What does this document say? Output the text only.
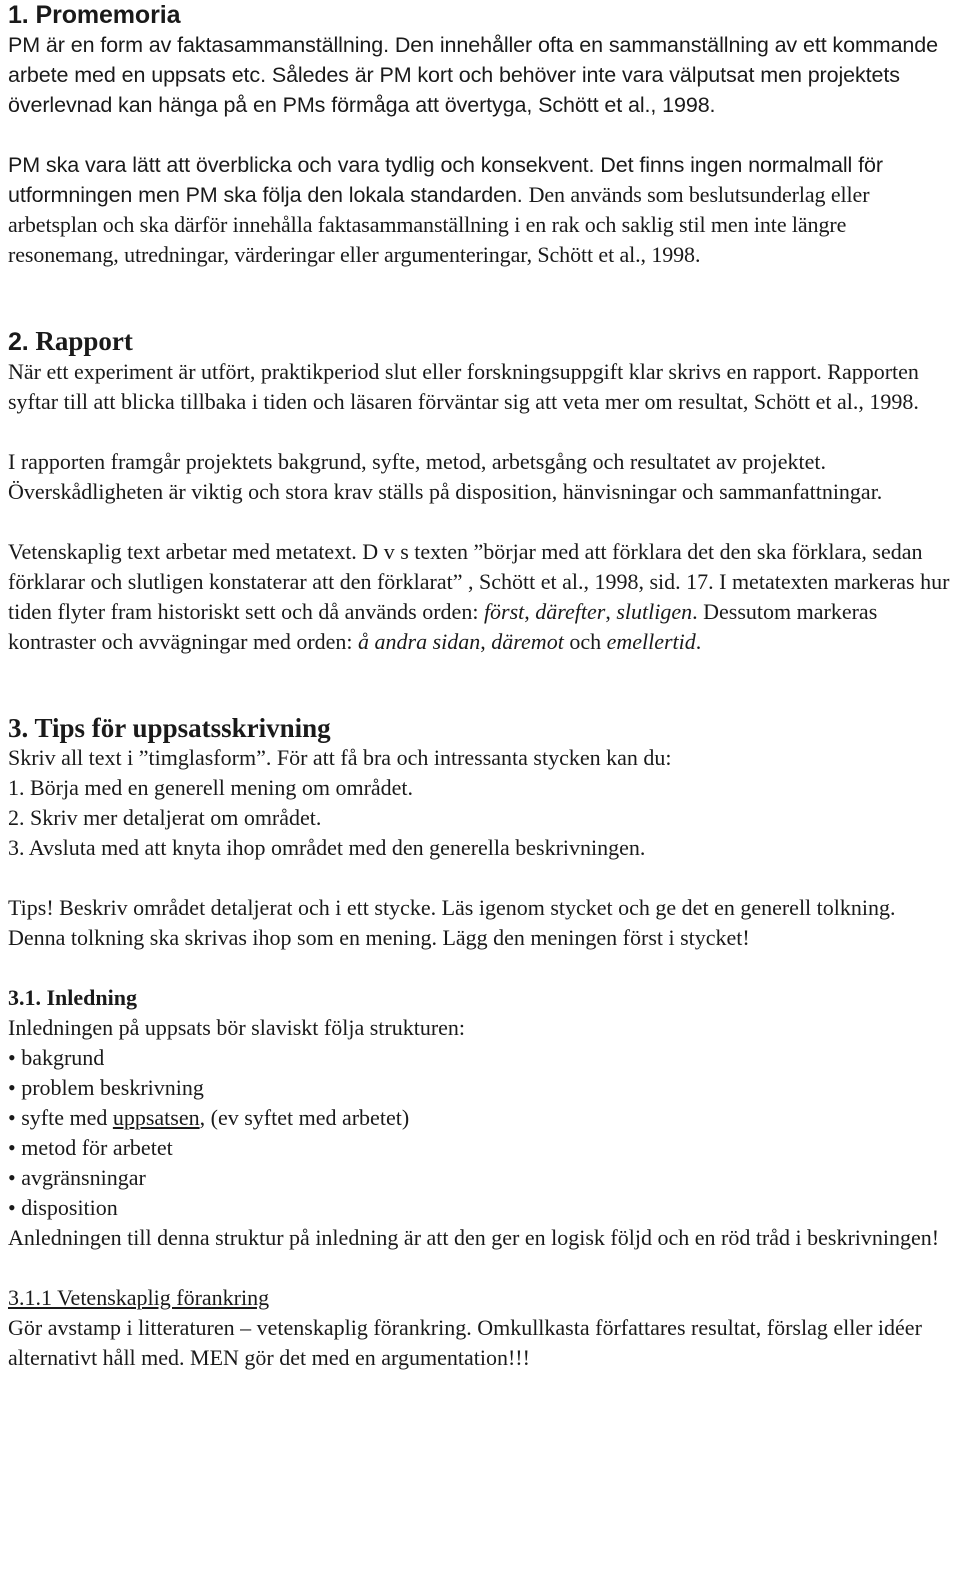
1. Promemoria

PM är en form av faktasammanställning. Den innehåller ofta en sammanställning av ett kommande arbete med en uppsats etc. Således är PM kort och behöver inte vara välputsat men projektets överlevnad kan hänga på en PMs förmåga att övertyga, Schött et al., 1998.

PM ska vara lätt att överblicka och vara tydlig och konsekvent. Det finns ingen normalmall för utformningen men PM ska följa den lokala standarden. Den används som beslutsunderlag eller arbetsplan och ska därför innehålla faktasammanställning i en rak och saklig stil men inte längre resonemang, utredningar, värderingar eller argumenteringar, Schött et al., 1998.

2. Rapport

När ett experiment är utfört, praktikperiod slut eller forskningsuppgift klar skrivs en rapport. Rapporten syftar till att blicka tillbaka i tiden och läsaren förväntar sig att veta mer om resultat, Schött et al., 1998.

I rapporten framgår projektets bakgrund, syfte, metod, arbetsgång och resultatet av projektet. Överskådligheten är viktig och stora krav ställs på disposition, hänvisningar och sammanfattningar.

Vetenskaplig text arbetar med metatext. D v s texten ”börjar med att förklara det den ska förklara, sedan förklarar och slutligen konstaterar att den förklarat” , Schött et al., 1998, sid. 17. I metatexten markeras hur tiden flyter fram historiskt sett och då används orden: först, därefter, slutligen. Dessutom markeras kontraster och avvägningar med orden: å andra sidan, däremot och emellertid.

3. Tips för uppsatsskrivning

Skriv all text i ”timglasform”. För att få bra och intressanta stycken kan du:

1. Börja med en generell mening om området.
2. Skriv mer detaljerat om området.
3. Avsluta med att knyta ihop området med den generella beskrivningen.

Tips! Beskriv området detaljerat och i ett stycke. Läs igenom stycket och ge det en generell tolkning. Denna tolkning ska skrivas ihop som en mening. Lägg den meningen först i stycket!

3.1. Inledning

Inledningen på uppsats bör slaviskt följa strukturen:

• bakgrund
• problem beskrivning
• syfte med uppsatsen, (ev syftet med arbetet)
• metod för arbetet
• avgränsningar
• disposition

Anledningen till denna struktur på inledning är att den ger en logisk följd och en röd tråd i beskrivningen!

3.1.1 Vetenskaplig förankring

Gör avstamp i litteraturen – vetenskaplig förankring. Omkullkasta författares resultat, förslag eller idéer alternativt håll med. MEN gör det med en argumentation!!!
